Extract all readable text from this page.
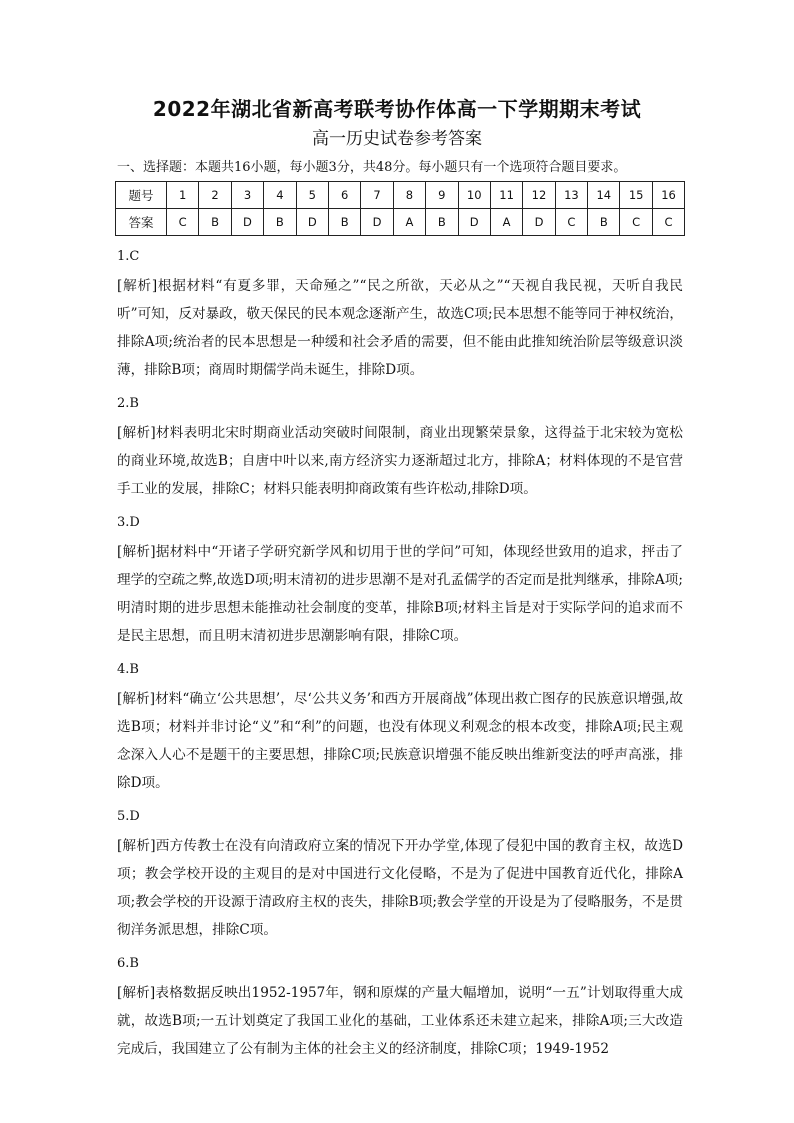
2022年湖北省新高考联考协作体高一下学期期末考试
高一历史试卷参考答案
一、选择题：本题共16小题，每小题3分，共48分。每小题只有一个选项符合题目要求。
题号	1	2	3	4	5	6	7	8	9	10	11	12	13	14	15	16
答案	C	B	D	B	D	B	D	A	B	D	A	D	C	B	C	C
1.C
[解析]根据材料“有夏多罪，天命殛之”“民之所欲，天必从之”“天视自我民视，天听自我民听”可知，反对暴政，敬天保民的民本观念逐渐产生，故选C项;民本思想不能等同于神权统治，排除A项;统治者的民本思想是一种缓和社会矛盾的需要，但不能由此推知统治阶层等级意识淡薄，排除B项；商周时期儒学尚未诞生，排除D项。
2.B
[解析]材料表明北宋时期商业活动突破时间限制，商业出现繁荣景象，这得益于北宋较为宽松的商业环境,故选B；自唐中叶以来,南方经济实力逐渐超过北方，排除A；材料体现的不是官营手工业的发展，排除C；材料只能表明抑商政策有些许松动,排除D项。
3.D
[解析]据材料中“开诸子学研究新学风和切用于世的学问”可知，体现经世致用的追求，抨击了理学的空疏之弊,故选D项;明末清初的进步思潮不是对孔孟儒学的否定而是批判继承，排除A项;明清时期的进步思想未能推动社会制度的变革，排除B项;材料主旨是对于实际学问的追求而不是民主思想，而且明末清初进步思潮影响有限，排除C项。
4.B
[解析]材料“确立‘公共思想’，尽‘公共义务’和西方开展商战”体现出救亡图存的民族意识增强,故选B项；材料并非讨论“义”和“利”的问题，也没有体现义利观念的根本改变，排除A项;民主观念深入人心不是题干的主要思想，排除C项;民族意识增强不能反映出维新变法的呼声高涨，排除D项。
5.D
[解析]西方传教士在没有向清政府立案的情况下开办学堂,体现了侵犯中国的教育主权，故选D项；教会学校开设的主观目的是对中国进行文化侵略，不是为了促进中国教育近代化，排除A项;教会学校的开设源于清政府主权的丧失，排除B项;教会学堂的开设是为了侵略服务，不是贯彻洋务派思想，排除C项。
6.B
[解析]表格数据反映出1952-1957年，钢和原煤的产量大幅增加，说明“一五”计划取得重大成就，故选B项;一五计划奠定了我国工业化的基础，工业体系还未建立起来，排除A项;三大改造完成后，我国建立了公有制为主体的社会主义的经济制度，排除C项；1949-1952
